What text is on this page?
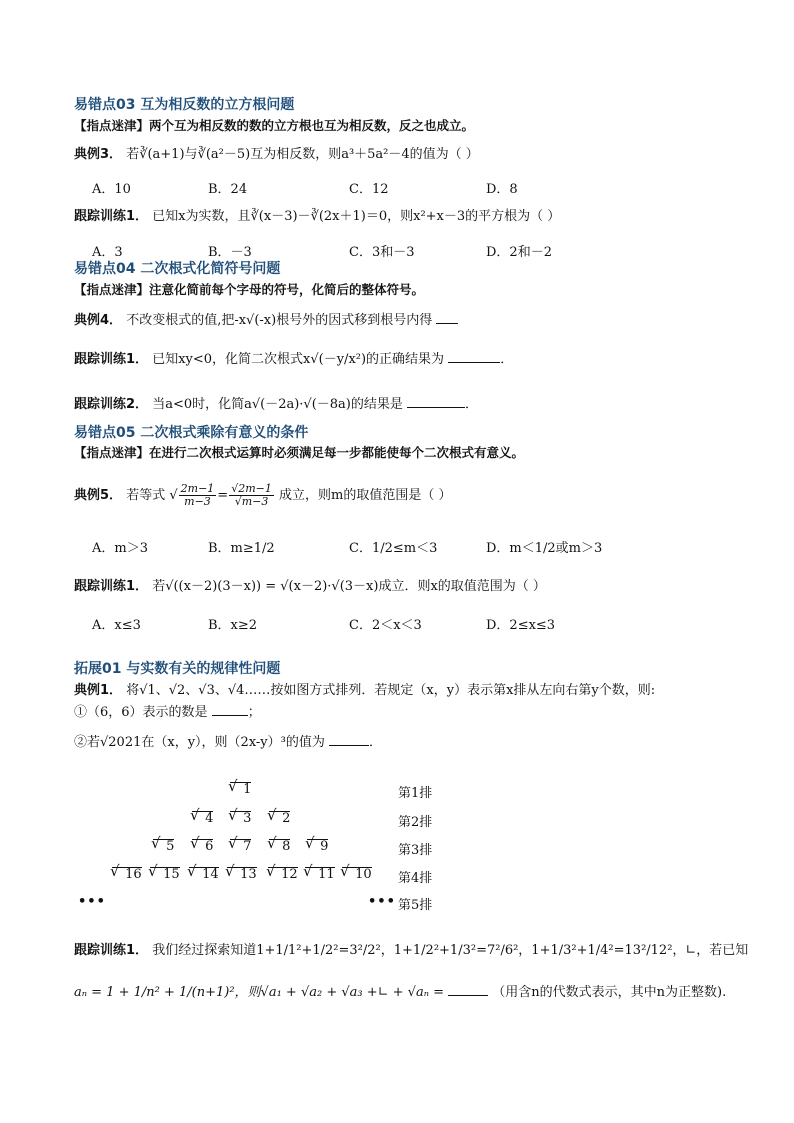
易错点03 互为相反数的立方根问题
【指点迷津】两个互为相反数的数的立方根也互为相反数，反之也成立。
典例3． 若∛(a+1)与∛(a²－5)互为相反数，则a³＋5a²－4的值为（ ）
A．10	B．24	C．12	D．8
跟踪训练1． 已知x为实数，且∛(x－3)－∛(2x＋1)＝0，则x²+x－3的平方根为（ ）
A．3	B．－3	C．3和－3	D．2和－2
易错点04 二次根式化简符号问题
【指点迷津】注意化简前每个字母的符号，化简后的整体符号。
典例4． 不改变根式的值,把-x√(-x)根号外的因式移到根号内得
跟踪训练1． 已知xy<0，化简二次根式x√(－y/x²)的正确结果为	．
跟踪训练2． 当a<0时，化简a√(－2a)·√(－8a)的结果是	．
易错点05 二次根式乘除有意义的条件
【指点迷津】在进行二次根式运算时必须满足每一步都能使每个二次根式有意义。
典例5． 若等式 √ $\frac{2m-1}{m-3} = \frac{√2m-1}{√m-3}$ 成立，则m的取值范围是（ ）
A．m＞3	B．m≥1/2	C．1/2≤m＜3	D．m＜1/2或m＞3
跟踪训练1． 若√((x－2)(3－x)) = √(x－2)·√(3－x)成立．则x的取值范围为（ ）
A．x≤3	B．x≥2	C．2＜x＜3	D．2≤x≤3
拓展01 与实数有关的规律性问题
典例1． 将√1、√2、√3、√4……按如图方式排列．若规定（x，y）表示第x排从左向右第y个数，则:
①（6，6）表示的数是	；
②若√2021在（x，y），则（2x-y）³的值为	．
√ 1	第1排
√ 4	√ 3	√ 2	第2排
√ 5	√ 6	√ 7	√ 8	√ 9	第3排
√ 16	√ 15	√ 14	√ 13	√ 12	√ 11	√ 10 第4排
•••	••• 第5排
跟踪训练1． 我们经过探索知道1+1/1²+1/2²=3²/2²，1+1/2²+1/3²=7²/6²，1+1/3²+1/4²=13²/12²，∟，若已知
aₙ = 1 + 1/n² + 1/(n+1)²，则√a₁ + √a₂ + √a₃ +∟ + √aₙ =	（用含n的代数式表示，其中n为正整数).
